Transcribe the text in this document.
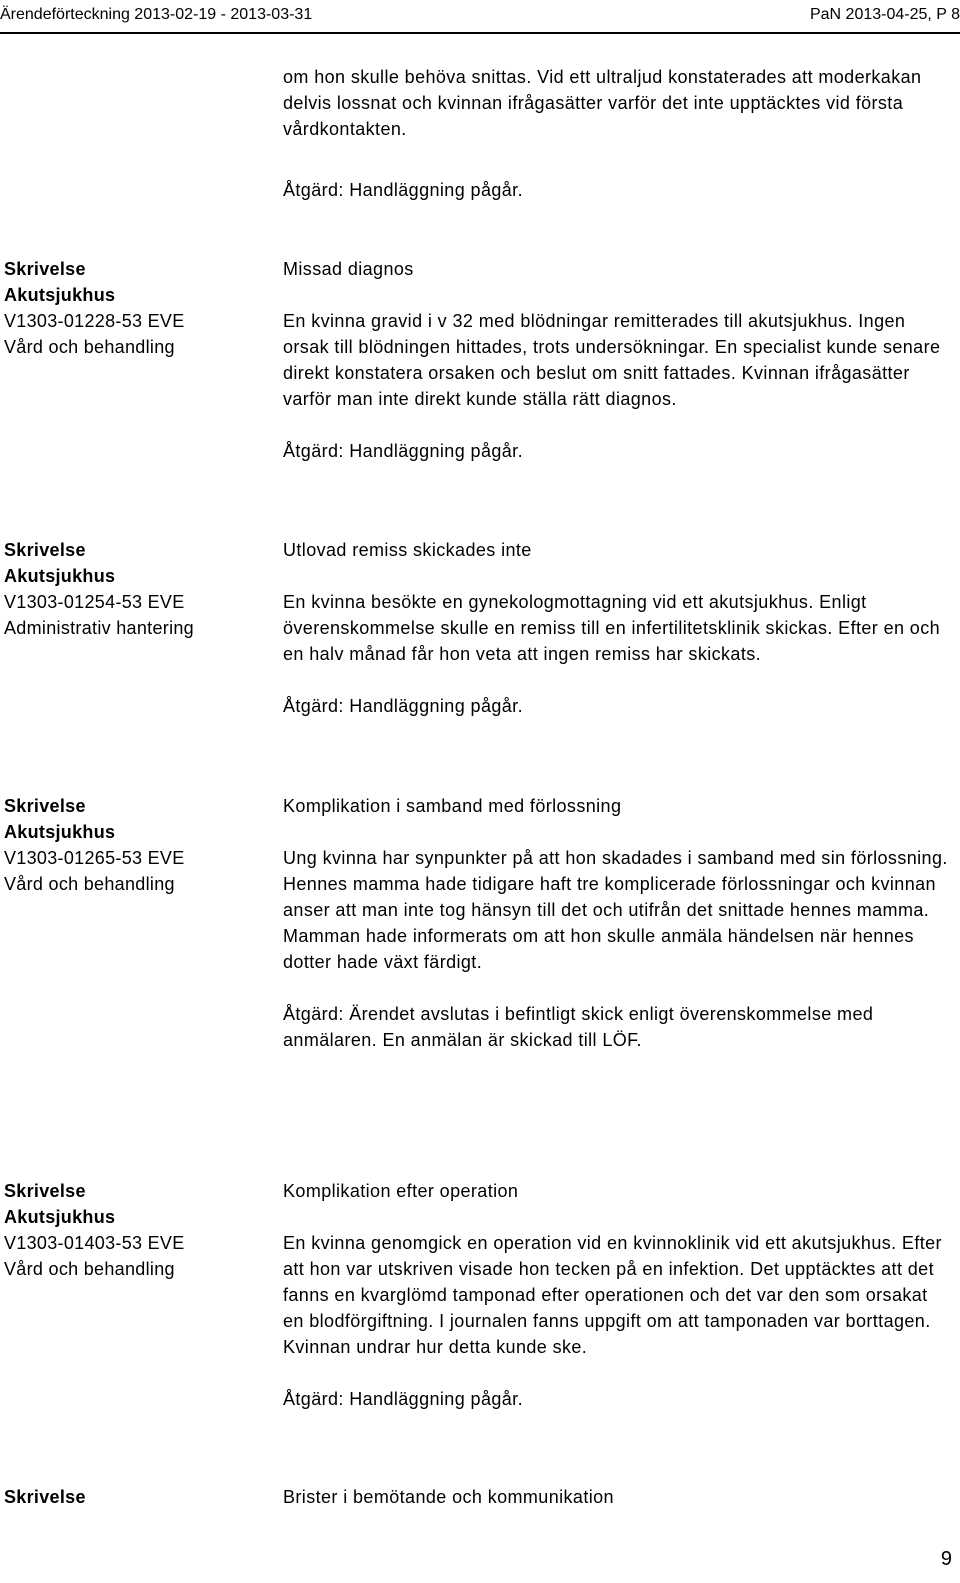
Ärendeförteckning 2013-02-19 - 2013-03-31	PaN 2013-04-25, P 8

om hon skulle behöva snittas. Vid ett ultraljud konstaterades att moderkakan delvis lossnat och kvinnan ifrågasätter varför det inte upptäcktes vid första vårdkontakten.

Åtgärd: Handläggning pågår.

Skrivelse
Akutsjukhus
V1303-01228-53 EVE
Vård och behandling
Missad diagnos
En kvinna gravid i v 32 med blödningar remitterades till akutsjukhus. Ingen orsak till blödningen hittades, trots undersökningar. En specialist kunde senare direkt konstatera orsaken och beslut om snitt fattades. Kvinnan ifrågasätter varför man inte direkt kunde ställa rätt diagnos.
Åtgärd: Handläggning pågår.
Skrivelse
Akutsjukhus
V1303-01254-53 EVE
Administrativ hantering
Utlovad remiss skickades inte
En kvinna besökte en gynekologmottagning vid ett akutsjukhus. Enligt överenskommelse skulle en remiss till en infertilitetsklinik skickas. Efter en och en halv månad får hon veta att ingen remiss har skickats.
Åtgärd: Handläggning pågår.
Skrivelse
Akutsjukhus
V1303-01265-53 EVE
Vård och behandling
Komplikation i samband med förlossning
Ung kvinna har synpunkter på att hon skadades i samband med sin förlossning. Hennes mamma hade tidigare haft tre komplicerade förlossningar och kvinnan anser att man inte tog hänsyn till det och utifrån det snittade hennes mamma. Mamman hade informerats om att hon skulle anmäla händelsen när hennes dotter hade växt färdigt.
Åtgärd: Ärendet avslutas i befintligt skick enligt överenskommelse med anmälaren. En anmälan är skickad till LÖF.
Skrivelse
Akutsjukhus
V1303-01403-53 EVE
Vård och behandling
Komplikation efter operation
En kvinna genomgick en operation vid en kvinnoklinik vid ett akutsjukhus. Efter att hon var utskriven visade hon tecken på en infektion. Det upptäcktes att det fanns en kvarglömd tamponad efter operationen och det var den som orsakat en blodförgiftning. I journalen fanns uppgift om att tamponaden var borttagen. Kvinnan undrar hur detta kunde ske.
Åtgärd: Handläggning pågår.
Skrivelse	Brister i bemötande och kommunikation
9
